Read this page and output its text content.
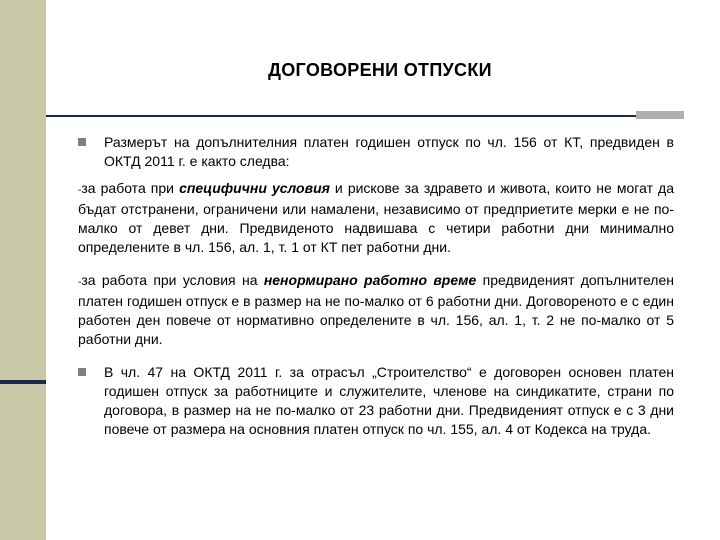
ДОГОВОРЕНИ ОТПУСКИ
Размерът на допълнителния платен годишен отпуск по чл. 156 от КТ, предвиден в ОКТД 2011 г. е както следва:
-за работа при специфични условия и рискове за здравето и живота, които не могат да бъдат отстранени, ограничени или намалени, независимо от предприетите мерки е не по-малко от девет дни. Предвиденото надвишава с четири работни дни минимално определените в чл. 156, ал. 1, т. 1 от КТ пет работни дни.
-за работа при условия на ненормирано работно време предвиденият допълнителен платен годишен отпуск е в размер на не по-малко от 6 работни дни. Договореното е с един работен ден повече от нормативно определените в чл. 156, ал. 1, т. 2 не по-малко от 5 работни дни.
В чл. 47 на ОКТД 2011 г. за отрасъл „Строителство“ е договорен основен платен годишен отпуск за работниците и служителите, членове на синдикатите, страни по договора, в размер на не по-малко от 23 работни дни. Предвиденият отпуск е с 3 дни повече от размера на основния платен отпуск по чл. 155, ал. 4 от Кодекса на труда.
